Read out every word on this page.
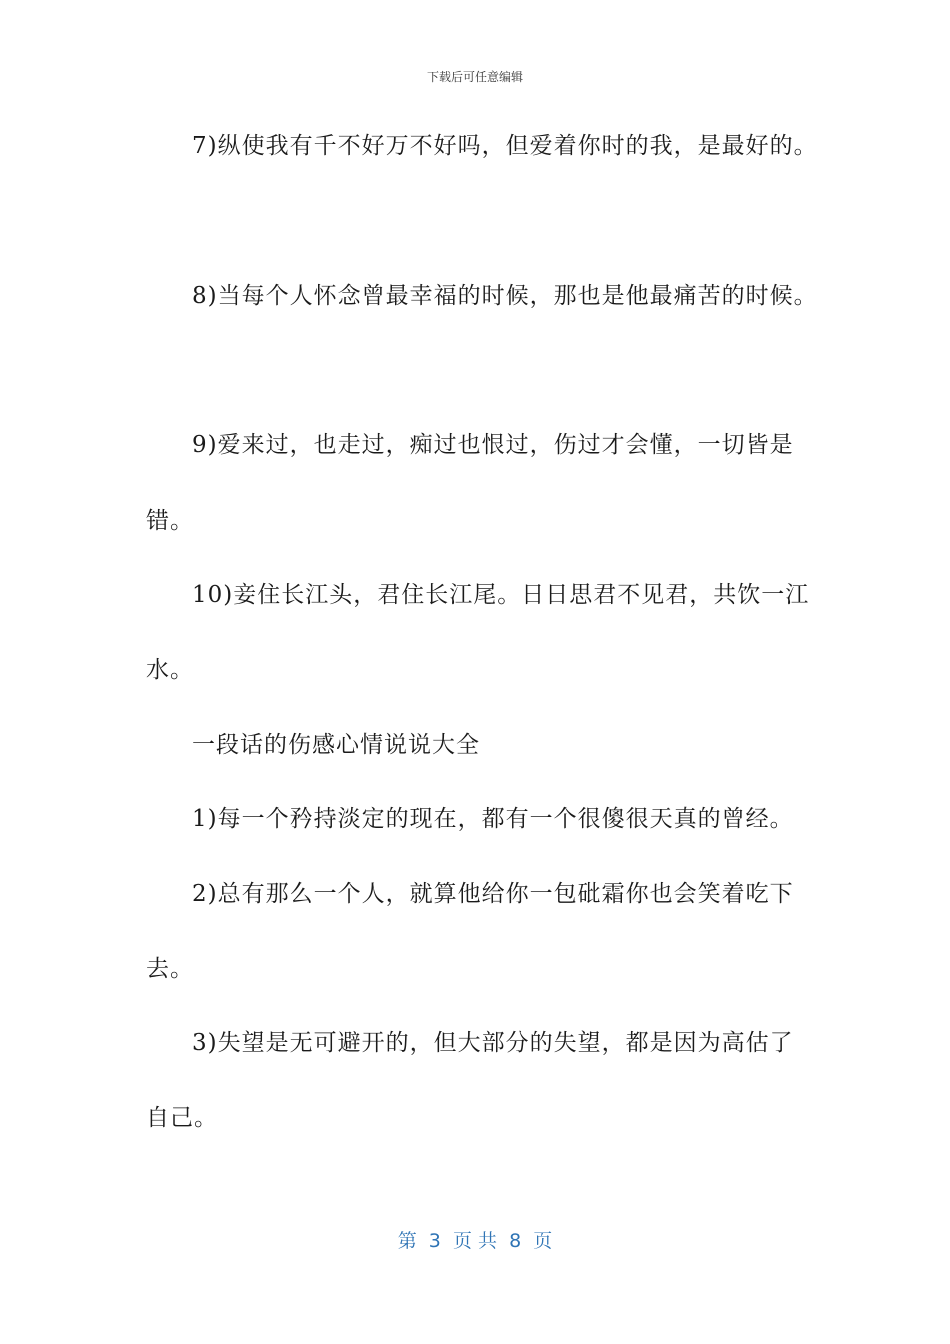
下载后可任意编辑
7)纵使我有千不好万不好吗，但爱着你时的我，是最好的。
8)当每个人怀念曾最幸福的时候，那也是他最痛苦的时候。
9)爱来过，也走过，痴过也恨过，伤过才会懂，一切皆是
错。
10)妾住长江头，君住长江尾。日日思君不见君，共饮一江
水。
一段话的伤感心情说说大全
1)每一个矜持淡定的现在，都有一个很傻很天真的曾经。
2)总有那么一个人，就算他给你一包砒霜你也会笑着吃下
去。
3)失望是无可避开的，但大部分的失望，都是因为高估了
自己。
第  3  页 共  8  页
